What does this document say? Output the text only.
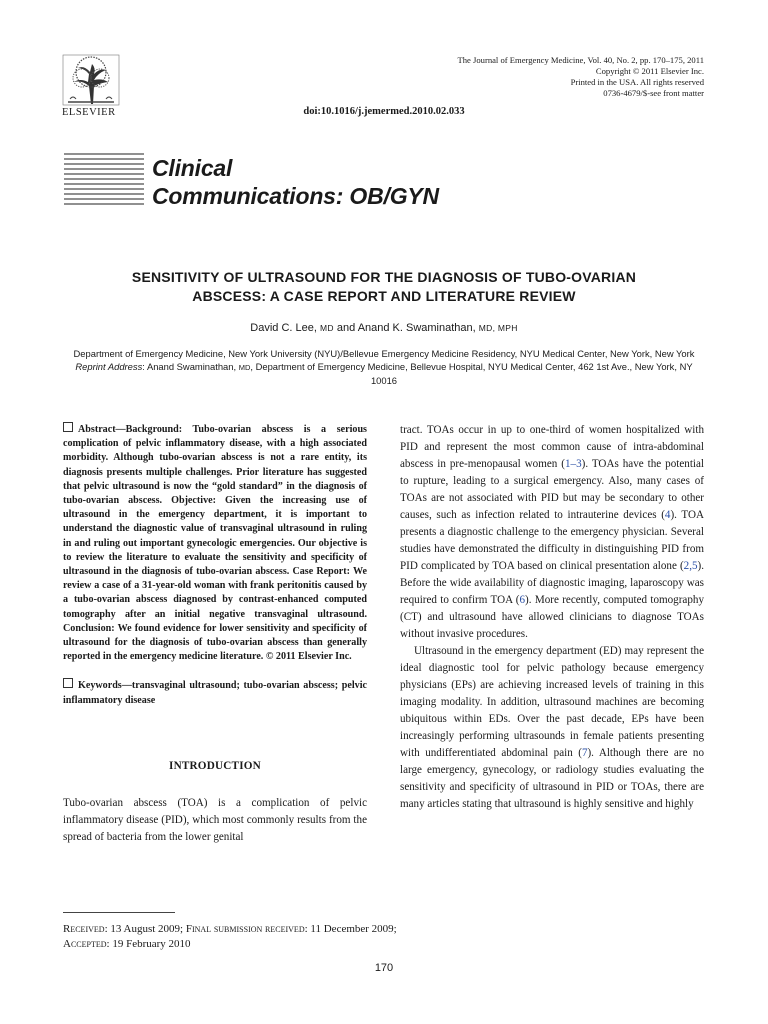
ELSEVIER
The Journal of Emergency Medicine, Vol. 40, No. 2, pp. 170–175, 2011
Copyright © 2011 Elsevier Inc.
Printed in the USA. All rights reserved
0736-4679/$-see front matter
doi:10.1016/j.jemermed.2010.02.033
Clinical
Communications: OB/GYN
SENSITIVITY OF ULTRASOUND FOR THE DIAGNOSIS OF TUBO-OVARIAN
ABSCESS: A CASE REPORT AND LITERATURE REVIEW
David C. Lee, MD and Anand K. Swaminathan, MD, MPH
Department of Emergency Medicine, New York University (NYU)/Bellevue Emergency Medicine Residency, NYU Medical Center, New York, New York
Reprint Address: Anand Swaminathan, MD, Department of Emergency Medicine, Bellevue Hospital, NYU Medical Center, 462 1st Ave., New York, NY 10016

Abstract—Background: Tubo-ovarian abscess is a serious complication of pelvic inflammatory disease, with a high associated morbidity. Although tubo-ovarian abscess is not a rare entity, its diagnosis presents multiple challenges. Prior literature has suggested that pelvic ultrasound is now the “gold standard” in the diagnosis of tubo-ovarian abscess. Objective: Given the increasing use of ultrasound in the emergency department, it is important to understand the diagnostic value of transvaginal ultrasound in ruling in and ruling out important gynecologic emergencies. Our objective is to review the literature to evaluate the sensitivity and specificity of ultrasound in the diagnosis of tubo-ovarian abscess. Case Report: We review a case of a 31-year-old woman with frank peritonitis caused by a tubo-ovarian abscess diagnosed by contrast-enhanced computed tomography after an initial negative transvaginal ultrasound. Conclusion: We found evidence for lower sensitivity and specificity of ultrasound for the diagnosis of tubo-ovarian abscess than generally reported in the emergency medicine literature. © 2011 Elsevier Inc.

Keywords—transvaginal ultrasound; tubo-ovarian abscess; pelvic inflammatory disease

INTRODUCTION

Tubo-ovarian abscess (TOA) is a complication of pelvic inflammatory disease (PID), which most commonly results from the spread of bacteria from the lower genital

tract. TOAs occur in up to one-third of women hospitalized with PID and represent the most common cause of intra-abdominal abscess in pre-menopausal women (1–3). TOAs have the potential to rupture, leading to a surgical emergency. Also, many cases of TOAs are not associated with PID but may be secondary to other causes, such as infection related to intrauterine devices (4). TOA presents a diagnostic challenge to the emergency physician. Several studies have demonstrated the difficulty in distinguishing PID from PID complicated by TOA based on clinical presentation alone (2,5). Before the wide availability of diagnostic imaging, laparoscopy was required to confirm TOA (6). More recently, computed tomography (CT) and ultrasound have allowed clinicians to diagnose TOAs without invasive procedures.

Ultrasound in the emergency department (ED) may represent the ideal diagnostic tool for pelvic pathology because emergency physicians (EPs) are achieving increased levels of training in this imaging modality. In addition, ultrasound machines are becoming ubiquitous within EDs. Over the past decade, EPs have been increasingly performing ultrasounds in female patients presenting with undifferentiated abdominal pain (7). Although there are no large emergency, gynecology, or radiology studies evaluating the sensitivity and specificity of ultrasound in PID or TOAs, there are many articles stating that ultrasound is highly sensitive and highly

Received: 13 August 2009; Final submission received: 11 December 2009;
Accepted: 19 February 2010
170
